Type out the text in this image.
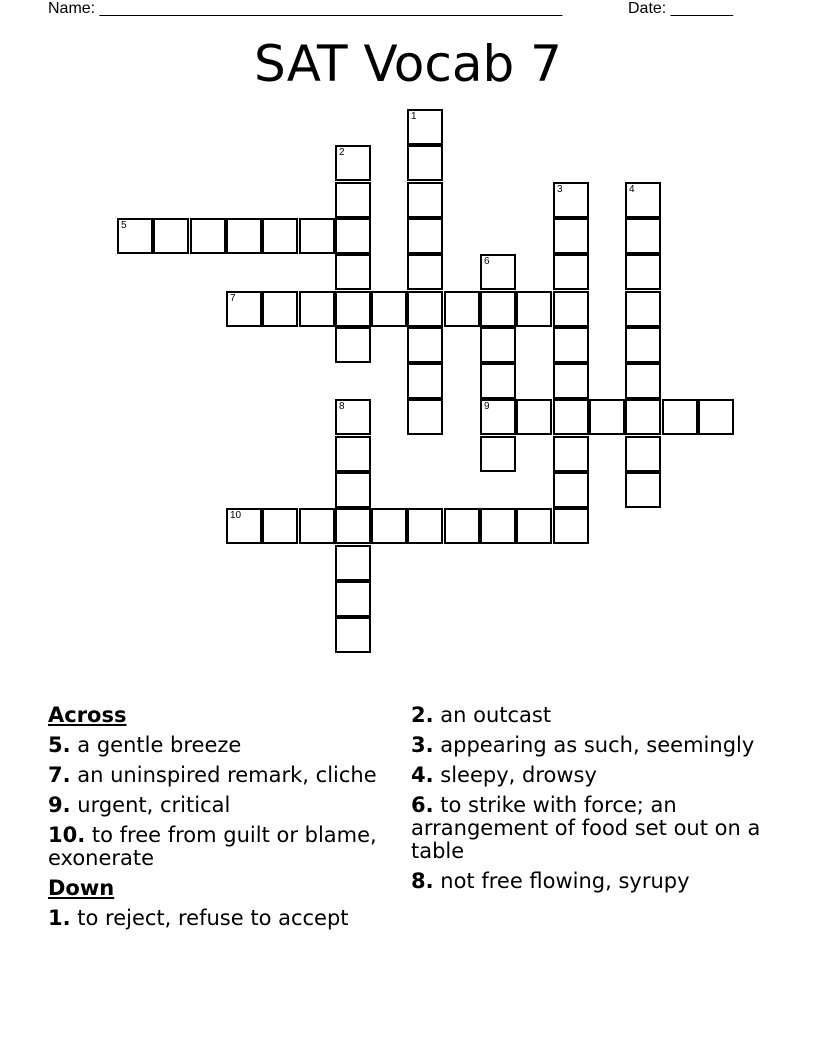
Name: ____________________________________________________	Date: _______
SAT Vocab 7
1
2
3	4
5
6
7
8	9
10
Across
5. a gentle breeze
7. an uninspired remark, cliche
9. urgent, critical
10. to free from guilt or blame, exonerate
Down
1. to reject, refuse to accept
2. an outcast
3. appearing as such, seemingly
4. sleepy, drowsy
6. to strike with force; an arrangement of food set out on a table
8. not free flowing, syrupy
